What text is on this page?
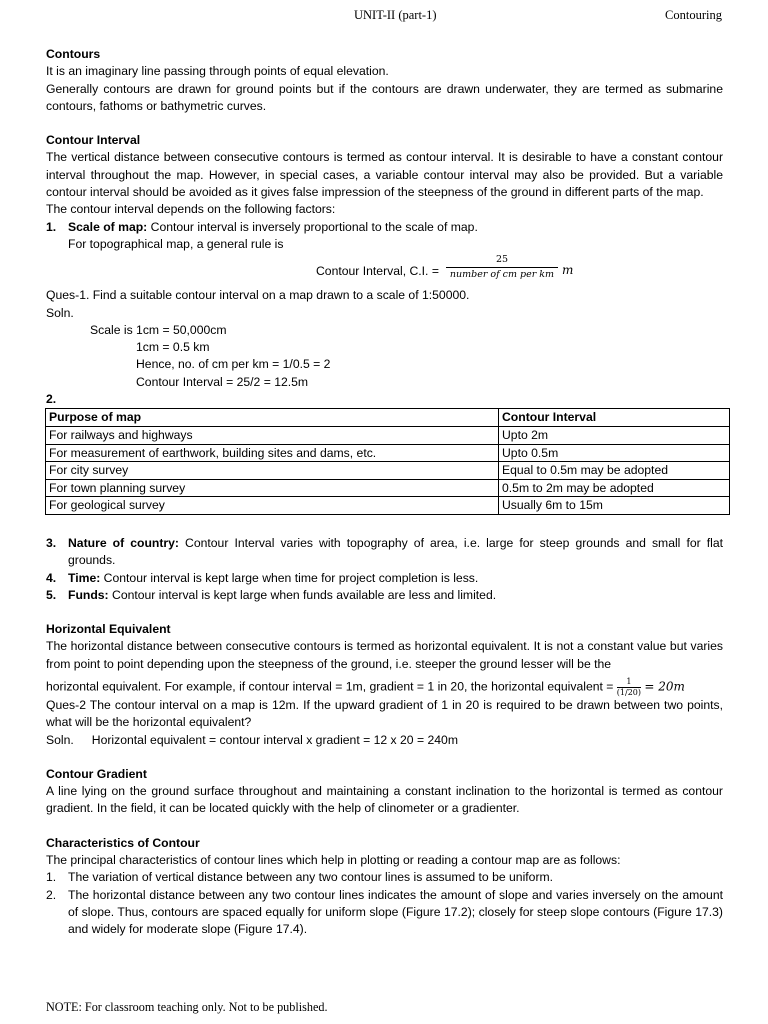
UNIT-II (part-1)	Contouring

Contours

It is an imaginary line passing through points of equal elevation.

Generally contours are drawn for ground points but if the contours are drawn underwater, they are termed as submarine contours, fathoms or bathymetric curves.

Contour Interval

The vertical distance between consecutive contours is termed as contour interval. It is desirable to have a constant contour interval throughout the map. However, in special cases, a variable contour interval may also be provided. But a variable contour interval should be avoided as it gives false impression of the steepness of the ground in different parts of the map.

The contour interval depends on the following factors:

1. Scale of map: Contour interval is inversely proportional to the scale of map.

For topographical map, a general rule is

Contour Interval, C.I. =
25
number of cm per km m

Ques-1. Find a suitable contour interval on a map drawn to a scale of 1:50000.

Soln.

Scale is 1cm = 50,000cm

1cm = 0.5 km

Hence, no. of cm per km = 1/0.5 = 2

Contour Interval = 25/2 = 12.5m

2.

Purpose of map	Contour Interval
For railways and highways	Upto 2m
For measurement of earthwork, building sites and dams, etc.	Upto 0.5m
For city survey	Equal to 0.5m may be adopted
For town planning survey	0.5m to 2m may be adopted
For geological survey	Usually 6m to 15m
3. Nature of country: Contour Interval varies with topography of area, i.e. large for steep grounds and small for flat grounds.
4. Time: Contour interval is kept large when time for project completion is less.
5. Funds: Contour interval is kept large when funds available are less and limited.

Horizontal Equivalent

The horizontal distance between consecutive contours is termed as horizontal equivalent. It is not a constant value but varies from point to point depending upon the steepness of the ground, i.e. steeper the ground lesser will be the

horizontal equivalent. For example, if contour interval = 1m, gradient = 1 in 20, the horizontal equivalent = $\frac{1}{(1/20)} = 20m$

Ques-2 The contour interval on a map is 12m. If the upward gradient of 1 in 20 is required to be drawn between two points, what will be the horizontal equivalent?

Soln. Horizontal equivalent = contour interval x gradient = 12 x 20 = 240m

Contour Gradient

A line lying on the ground surface throughout and maintaining a constant inclination to the horizontal is termed as contour gradient. In the field, it can be located quickly with the help of clinometer or a gradienter.

Characteristics of Contour

The principal characteristics of contour lines which help in plotting or reading a contour map are as follows:

1. The variation of vertical distance between any two contour lines is assumed to be uniform.
2. The horizontal distance between any two contour lines indicates the amount of slope and varies inversely on the amount of slope. Thus, contours are spaced equally for uniform slope (Figure 17.2); closely for steep slope contours (Figure 17.3) and widely for moderate slope (Figure 17.4).
NOTE: For classroom teaching only. Not to be published.
